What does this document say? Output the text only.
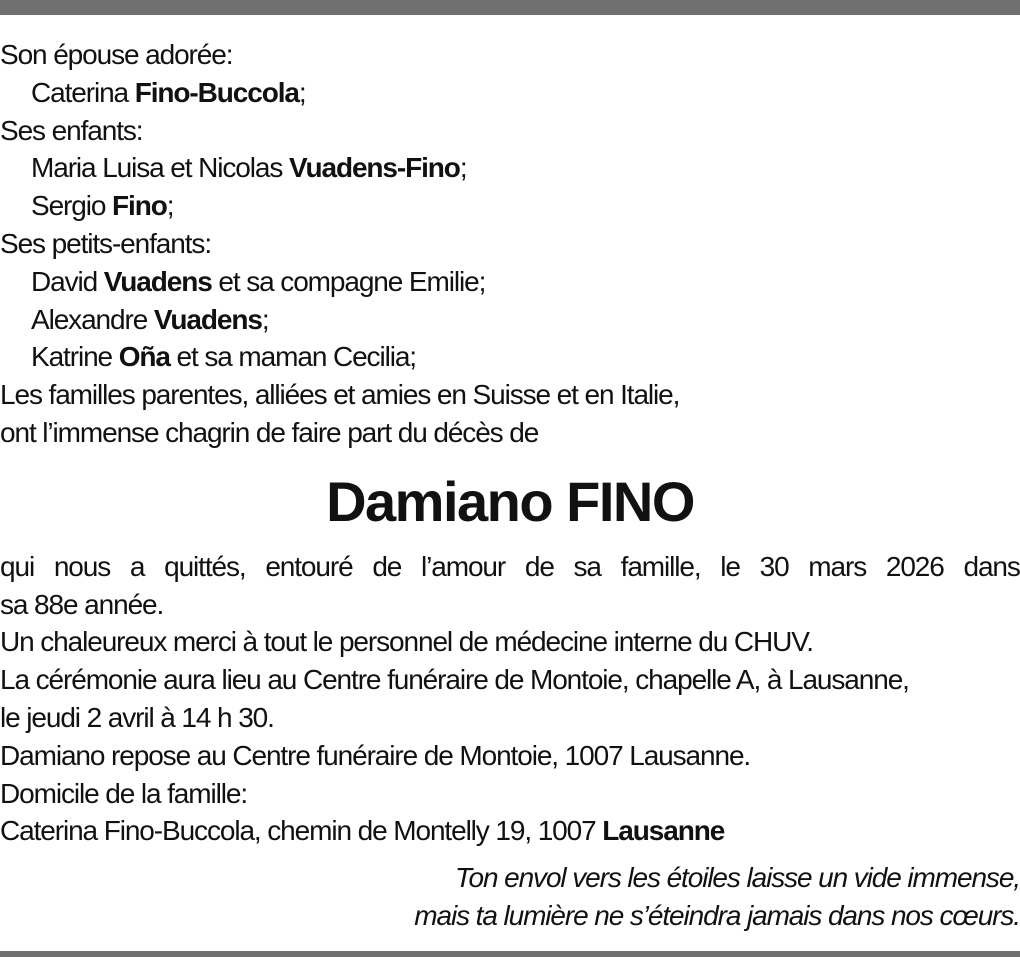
Son épouse adorée:
Caterina Fino-Buccola;
Ses enfants:
Maria Luisa et Nicolas Vuadens-Fino;
Sergio Fino;
Ses petits-enfants:
David Vuadens et sa compagne Emilie;
Alexandre Vuadens;
Katrine Oña et sa maman Cecilia;
Les familles parentes, alliées et amies en Suisse et en Italie,
ont l’immense chagrin de faire part du décès de
Damiano FINO
qui nous a quittés, entouré de l’amour de sa famille, le 30 mars 2026 dans
sa 88e année.
Un chaleureux merci à tout le personnel de médecine interne du CHUV.
La cérémonie aura lieu au Centre funéraire de Montoie, chapelle A, à Lausanne,
le jeudi 2 avril à 14 h 30.
Damiano repose au Centre funéraire de Montoie, 1007 Lausanne.
Domicile de la famille:
Caterina Fino-Buccola, chemin de Montelly 19, 1007 Lausanne
Ton envol vers les étoiles laisse un vide immense,
mais ta lumière ne s’éteindra jamais dans nos cœurs.
